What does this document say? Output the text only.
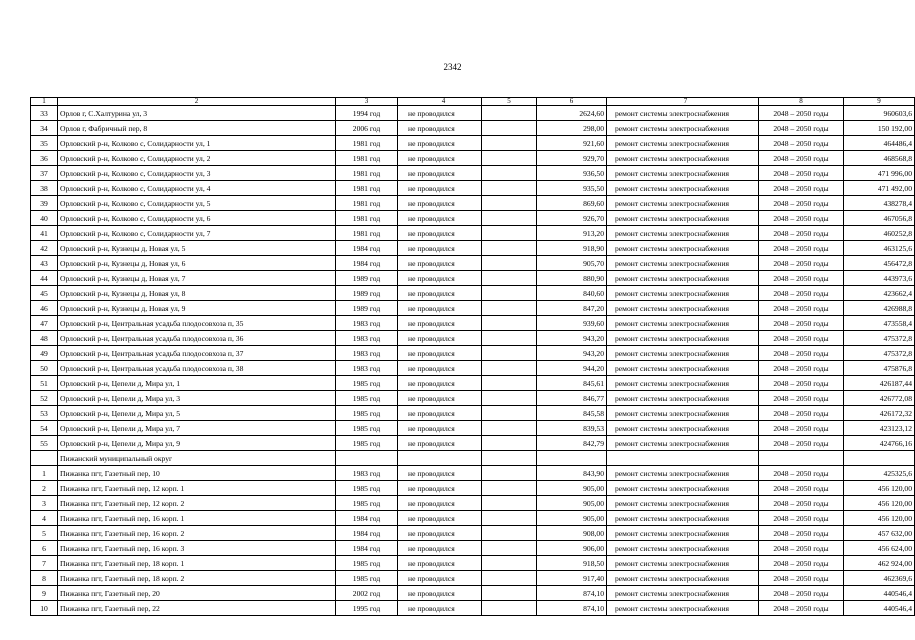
2342
1	2	3	4	5	6	7	8	9
33	Орлов г, С.Халтурина ул, 3	1994 год	не проводился		2624,60	ремонт системы электроснабжения	2048 – 2050 годы	960603,6
34	Орлов г, Фабричный пер, 8	2006 год	не проводился		298,00	ремонт системы электроснабжения	2048 – 2050 годы	150 192,00
35	Орловский р-н, Колково с, Солидарности ул, 1	1981 год	не проводился		921,60	ремонт системы электроснабжения	2048 – 2050 годы	464486,4
36	Орловский р-н, Колково с, Солидарности ул, 2	1981 год	не проводился		929,70	ремонт системы электроснабжения	2048 – 2050 годы	468568,8
37	Орловский р-н, Колково с, Солидарности ул, 3	1981 год	не проводился		936,50	ремонт системы электроснабжения	2048 – 2050 годы	471 996,00
38	Орловский р-н, Колково с, Солидарности ул, 4	1981 год	не проводился		935,50	ремонт системы электроснабжения	2048 – 2050 годы	471 492,00
39	Орловский р-н, Колково с, Солидарности ул, 5	1981 год	не проводился		869,60	ремонт системы электроснабжения	2048 – 2050 годы	438278,4
40	Орловский р-н, Колково с, Солидарности ул, 6	1981 год	не проводился		926,70	ремонт системы электроснабжения	2048 – 2050 годы	467056,8
41	Орловский р-н, Колково с, Солидарности ул, 7	1981 год	не проводился		913,20	ремонт системы электроснабжения	2048 – 2050 годы	460252,8
42	Орловский р-н, Кузнецы д, Новая ул, 5	1984 год	не проводился		918,90	ремонт системы электроснабжения	2048 – 2050 годы	463125,6
43	Орловский р-н, Кузнецы д, Новая ул, 6	1984 год	не проводился		905,70	ремонт системы электроснабжения	2048 – 2050 годы	456472,8
44	Орловский р-н, Кузнецы д, Новая ул, 7	1989 год	не проводился		880,90	ремонт системы электроснабжения	2048 – 2050 годы	443973,6
45	Орловский р-н, Кузнецы д, Новая ул, 8	1989 год	не проводился		840,60	ремонт системы электроснабжения	2048 – 2050 годы	423662,4
46	Орловский р-н, Кузнецы д, Новая ул, 9	1989 год	не проводился		847,20	ремонт системы электроснабжения	2048 – 2050 годы	426988,8
47	Орловский р-н, Центральная усадьба плодосовхоза п, 35	1983 год	не проводился		939,60	ремонт системы электроснабжения	2048 – 2050 годы	473558,4
48	Орловский р-н, Центральная усадьба плодосовхоза п, 36	1983 год	не проводился		943,20	ремонт системы электроснабжения	2048 – 2050 годы	475372,8
49	Орловский р-н, Центральная усадьба плодосовхоза п, 37	1983 год	не проводился		943,20	ремонт системы электроснабжения	2048 – 2050 годы	475372,8
50	Орловский р-н, Центральная усадьба плодосовхоза п, 38	1983 год	не проводился		944,20	ремонт системы электроснабжения	2048 – 2050 годы	475876,8
51	Орловский р-н, Цепели д, Мира ул, 1	1985 год	не проводился		845,61	ремонт системы электроснабжения	2048 – 2050 годы	426187,44
52	Орловский р-н, Цепели д, Мира ул, 3	1985 год	не проводился		846,77	ремонт системы электроснабжения	2048 – 2050 годы	426772,08
53	Орловский р-н, Цепели д, Мира ул, 5	1985 год	не проводился		845,58	ремонт системы электроснабжения	2048 – 2050 годы	426172,32
54	Орловский р-н, Цепели д, Мира ул, 7	1985 год	не проводился		839,53	ремонт системы электроснабжения	2048 – 2050 годы	423123,12
55	Орловский р-н, Цепели д, Мира ул, 9	1985 год	не проводился		842,79	ремонт системы электроснабжения	2048 – 2050 годы	424766,16
	Пижанский муниципальный округ							
1	Пижанка пгт, Газетный пер, 10	1983 год	не проводился		843,90	ремонт системы электроснабжения	2048 – 2050 годы	425325,6
2	Пижанка пгт, Газетный пер, 12 корп. 1	1985 год	не проводился		905,00	ремонт системы электроснабжения	2048 – 2050 годы	456 120,00
3	Пижанка пгт, Газетный пер, 12 корп. 2	1985 год	не проводился		905,00	ремонт системы электроснабжения	2048 – 2050 годы	456 120,00
4	Пижанка пгт, Газетный пер, 16 корп. 1	1984 год	не проводился		905,00	ремонт системы электроснабжения	2048 – 2050 годы	456 120,00
5	Пижанка пгт, Газетный пер, 16 корп. 2	1984 год	не проводился		908,00	ремонт системы электроснабжения	2048 – 2050 годы	457 632,00
6	Пижанка пгт, Газетный пер, 16 корп. 3	1984 год	не проводился		906,00	ремонт системы электроснабжения	2048 – 2050 годы	456 624,00
7	Пижанка пгт, Газетный пер, 18 корп. 1	1985 год	не проводился		918,50	ремонт системы электроснабжения	2048 – 2050 годы	462 924,00
8	Пижанка пгт, Газетный пер, 18 корп. 2	1985 год	не проводился		917,40	ремонт системы электроснабжения	2048 – 2050 годы	462369,6
9	Пижанка пгт, Газетный пер, 20	2002 год	не проводился		874,10	ремонт системы электроснабжения	2048 – 2050 годы	440546,4
10	Пижанка пгт, Газетный пер, 22	1995 год	не проводился		874,10	ремонт системы электроснабжения	2048 – 2050 годы	440546,4
